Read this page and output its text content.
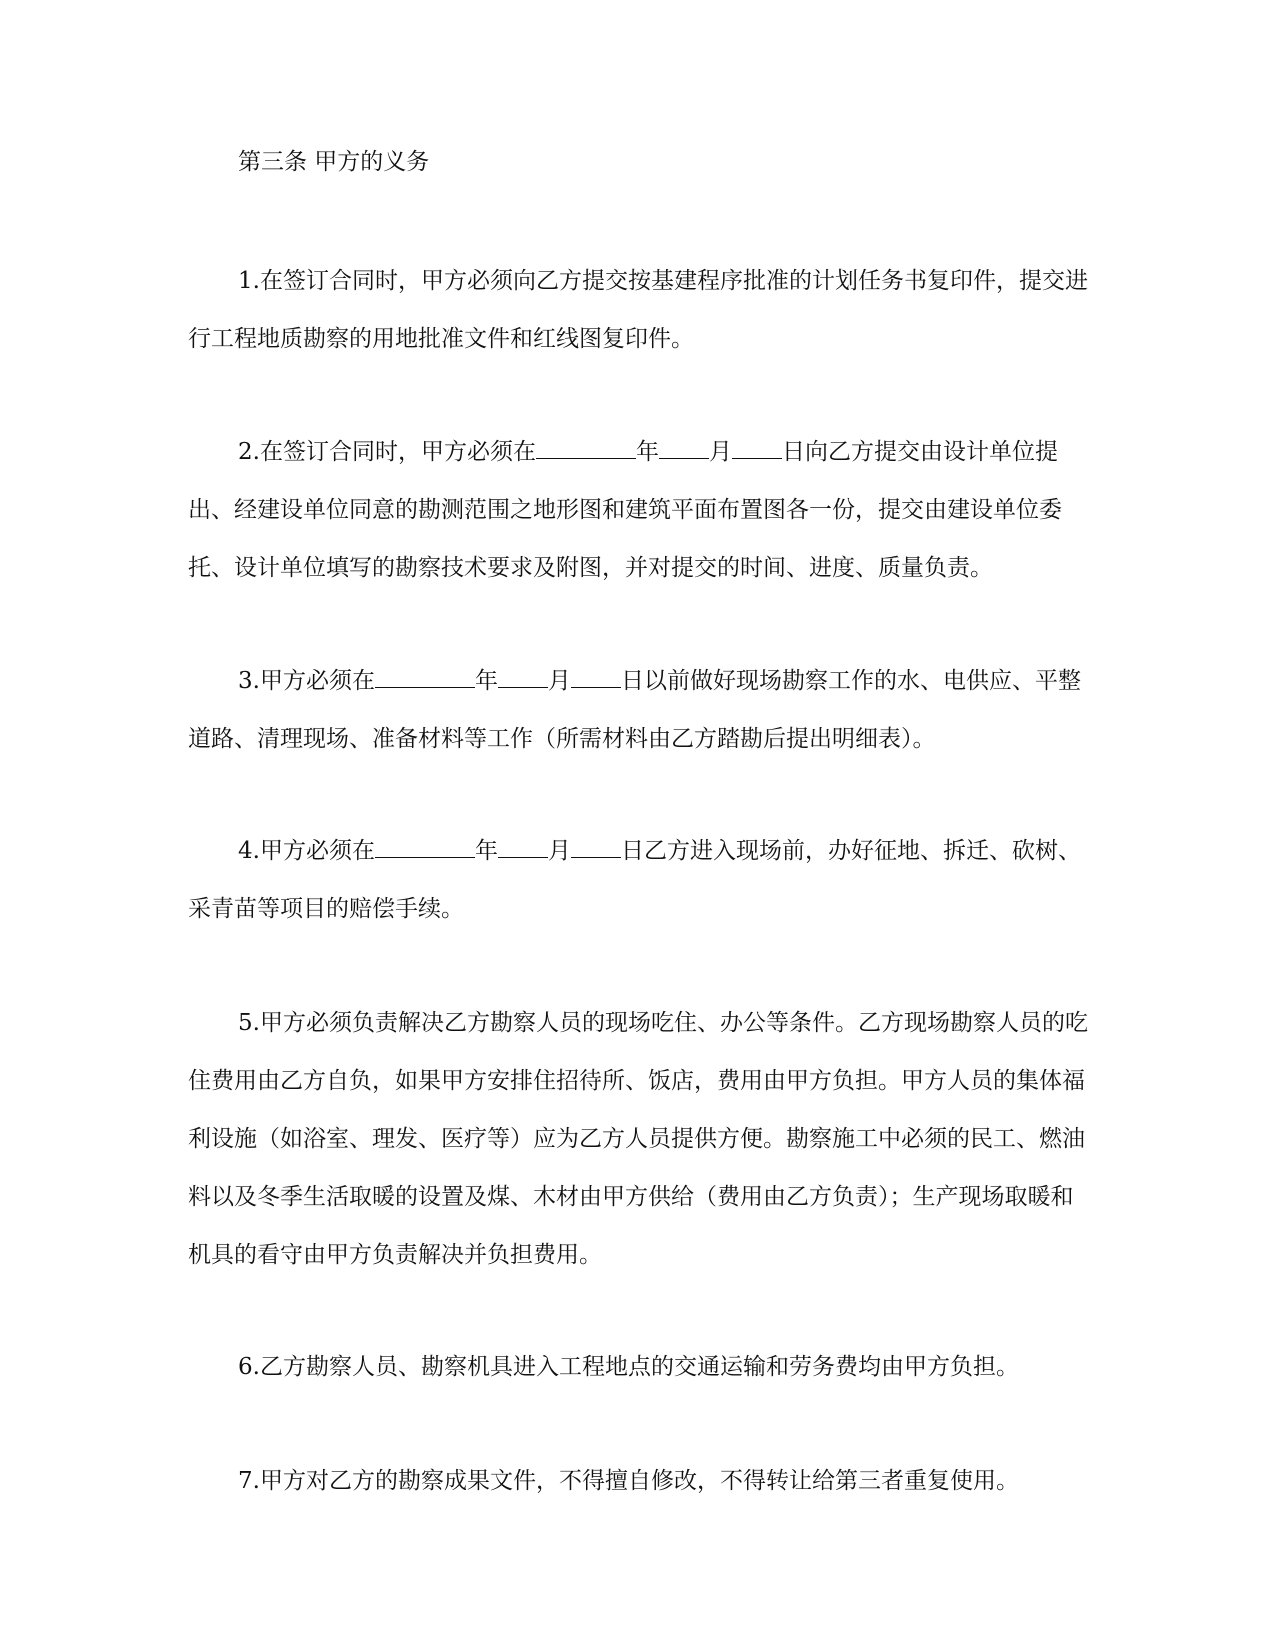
第三条 甲方的义务

1.在签订合同时，甲方必须向乙方提交按基建程序批准的计划任务书复印件，提交进行工程地质勘察的用地批准文件和红线图复印件。

2.在签订合同时，甲方必须在	年 月 日向乙方提交由设计单位提出、经建设单位同意的勘测范围之地形图和建筑平面布置图各一份，提交由建设单位委托、设计单位填写的勘察技术要求及附图，并对提交的时间、进度、质量负责。

3.甲方必须在	年 月 日以前做好现场勘察工作的水、电供应、平整道路、清理现场、准备材料等工作（所需材料由乙方踏勘后提出明细表）。

4.甲方必须在	年 月 日乙方进入现场前，办好征地、拆迁、砍树、采青苗等项目的赔偿手续。

5.甲方必须负责解决乙方勘察人员的现场吃住、办公等条件。乙方现场勘察人员的吃住费用由乙方自负，如果甲方安排住招待所、饭店，费用由甲方负担。甲方人员的集体福利设施（如浴室、理发、医疗等）应为乙方人员提供方便。勘察施工中必须的民工、燃油料以及冬季生活取暖的设置及煤、木材由甲方供给（费用由乙方负责）；生产现场取暖和机具的看守由甲方负责解决并负担费用。

6.乙方勘察人员、勘察机具进入工程地点的交通运输和劳务费均由甲方负担。

7.甲方对乙方的勘察成果文件，不得擅自修改，不得转让给第三者重复使用。
